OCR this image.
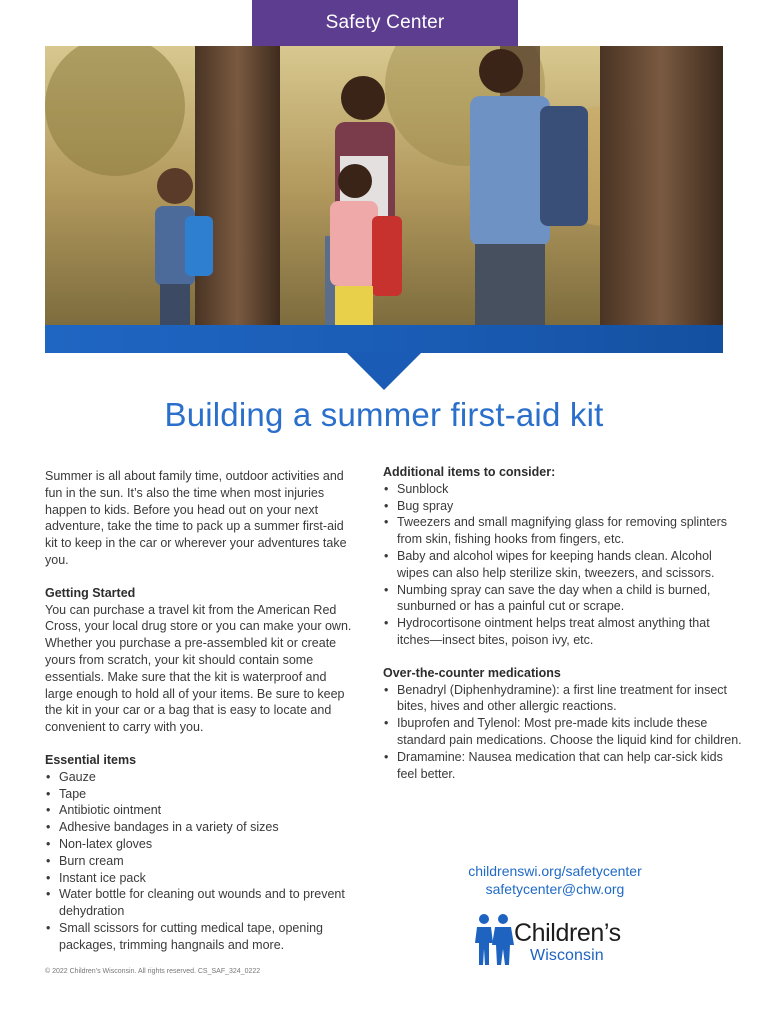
Safety Center
Building a summer first-aid kit

Summer is all about family time, outdoor activities and fun in the sun. It’s also the time when most injuries happen to kids. Before you head out on your next adventure, take the time to pack up a summer first-aid kit to keep in the car or wherever your adventures take you.

Getting Started

You can purchase a travel kit from the American Red Cross, your local drug store or you can make your own. Whether you purchase a pre-assembled kit or create yours from scratch, your kit should contain some essentials. Make sure that the kit is waterproof and large enough to hold all of your items. Be sure to keep the kit in your car or a bag that is easy to locate and convenient to carry with you.

Essential items
• Gauze
• Tape
• Antibiotic ointment
• Adhesive bandages in a variety of sizes
• Non-latex gloves
• Burn cream
• Instant ice pack
• Water bottle for cleaning out wounds and to prevent dehydration
• Small scissors for cutting medical tape, opening packages, trimming hangnails and more.
Additional items to consider:
• Sunblock
• Bug spray
• Tweezers and small magnifying glass for removing splinters from skin, fishing hooks from fingers, etc.
• Baby and alcohol wipes for keeping hands clean. Alcohol wipes can also help sterilize skin, tweezers, and scissors.
• Numbing spray can save the day when a child is burned, sunburned or has a painful cut or scrape.
• Hydrocortisone ointment helps treat almost anything that itches—insect bites, poison ivy, etc.
Over-the-counter medications
• Benadryl (Diphenhydramine): a first line treatment for insect bites, hives and other allergic reactions.
• Ibuprofen and Tylenol: Most pre-made kits include these standard pain medications. Choose the liquid kind for children.
• Dramamine: Nausea medication that can help car-sick kids feel better.
childrenswi.org/safetycenter
safetycenter@chw.org
Children’s
Wisconsin
© 2022 Children’s Wisconsin. All rights reserved. CS_SAF_324_0222
